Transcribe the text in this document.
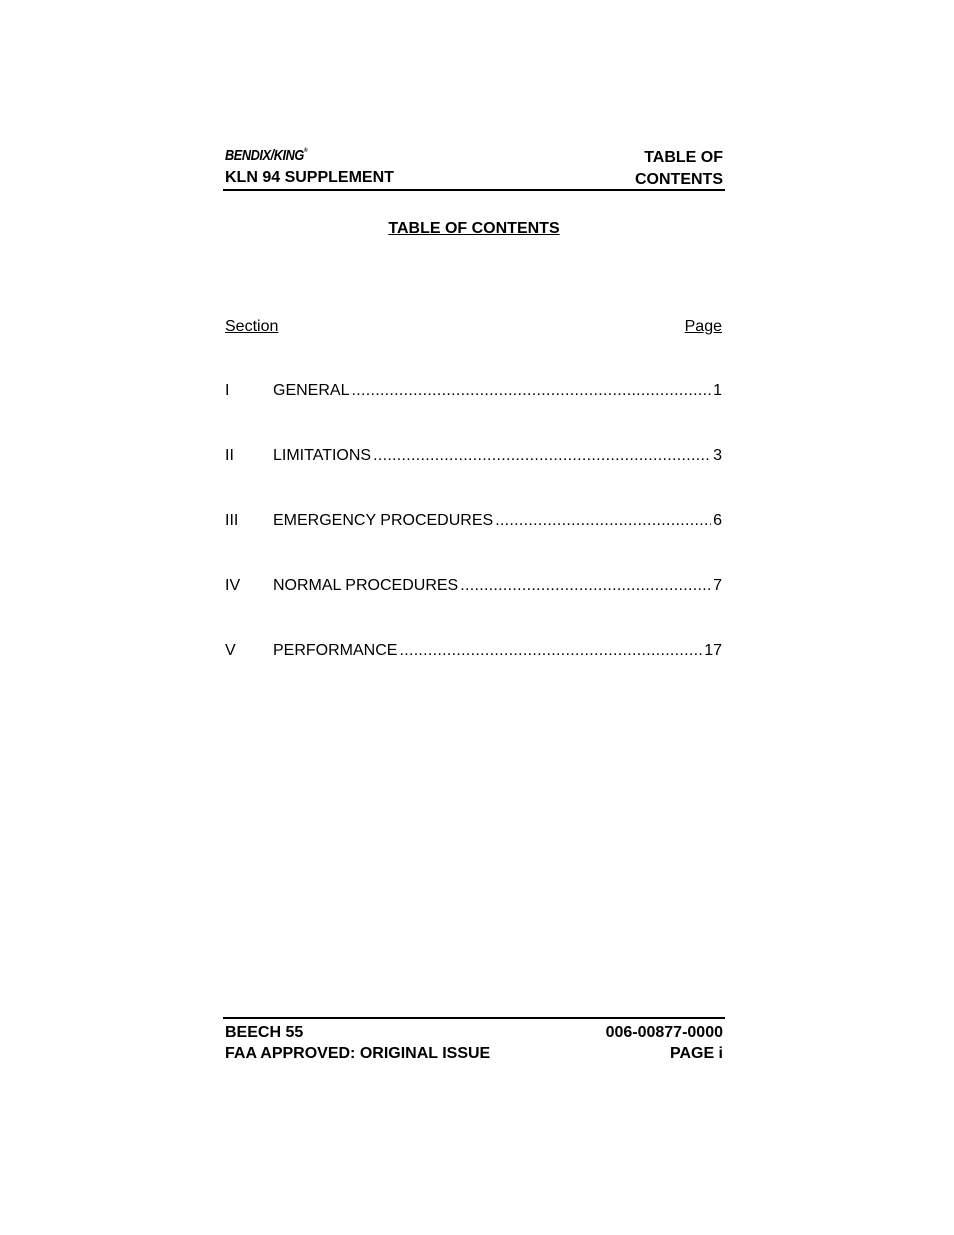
BENDIX/KING®
KLN 94 SUPPLEMENT
TABLE OF
CONTENTS
TABLE OF CONTENTS
Section	Page
I	GENERAL .....	1
II LIMITATIONS .....	3
III EMERGENCY PROCEDURES .....	6
IV NORMAL PROCEDURES .....	7
V PERFORMANCE .....	17
BEECH 55
FAA APPROVED: ORIGINAL ISSUE
006-00877-0000
PAGE i
